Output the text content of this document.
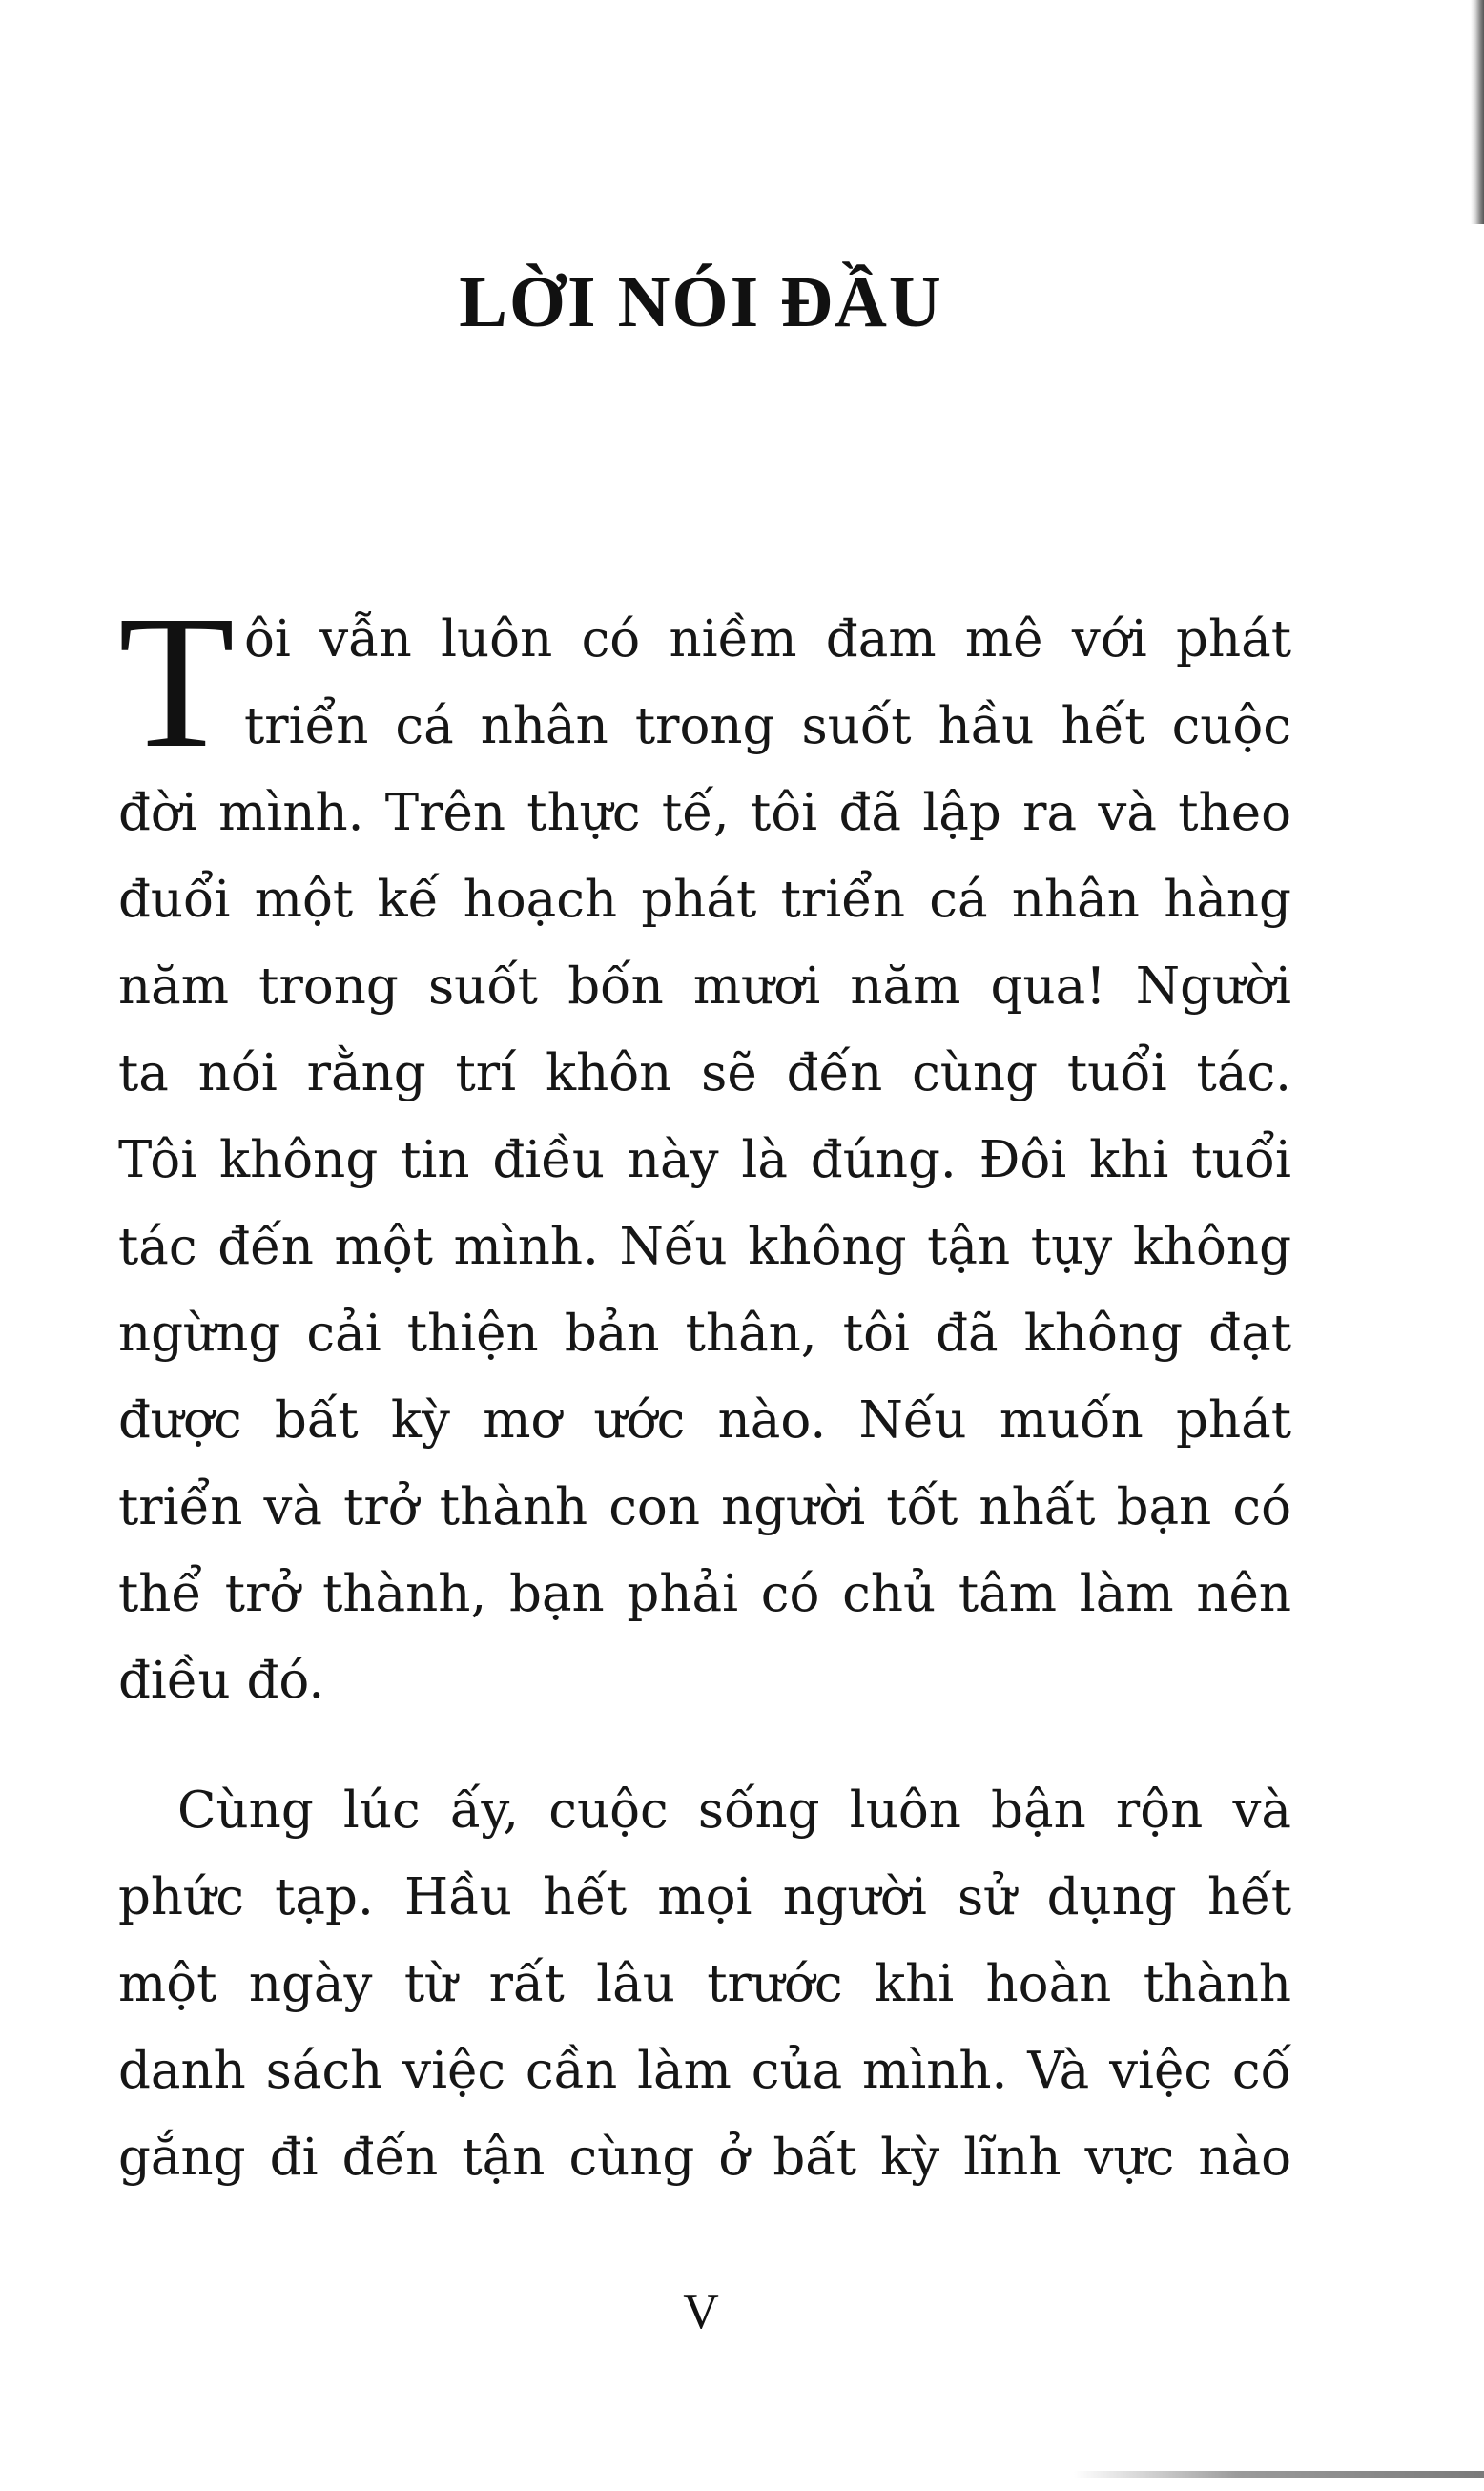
LỜI NÓI ĐẦU
T ôi vẫn luôn có niềm đam mê với phát
triển cá nhân trong suốt hầu hết cuộc
đời mình. Trên thực tế, tôi đã lập ra và theo
đuổi một kế hoạch phát triển cá nhân hàng
năm trong suốt bốn mươi năm qua! Người
ta nói rằng trí khôn sẽ đến cùng tuổi tác.
Tôi không tin điều này là đúng. Đôi khi tuổi
tác đến một mình. Nếu không tận tụy không
ngừng cải thiện bản thân, tôi đã không đạt
được bất kỳ mơ ước nào. Nếu muốn phát
triển và trở thành con người tốt nhất bạn có
thể trở thành, bạn phải có chủ tâm làm nên
điều đó.
Cùng lúc ấy, cuộc sống luôn bận rộn và
phức tạp. Hầu hết mọi người sử dụng hết
một ngày từ rất lâu trước khi hoàn thành
danh sách việc cần làm của mình. Và việc cố
gắng đi đến tận cùng ở bất kỳ lĩnh vực nào
V
